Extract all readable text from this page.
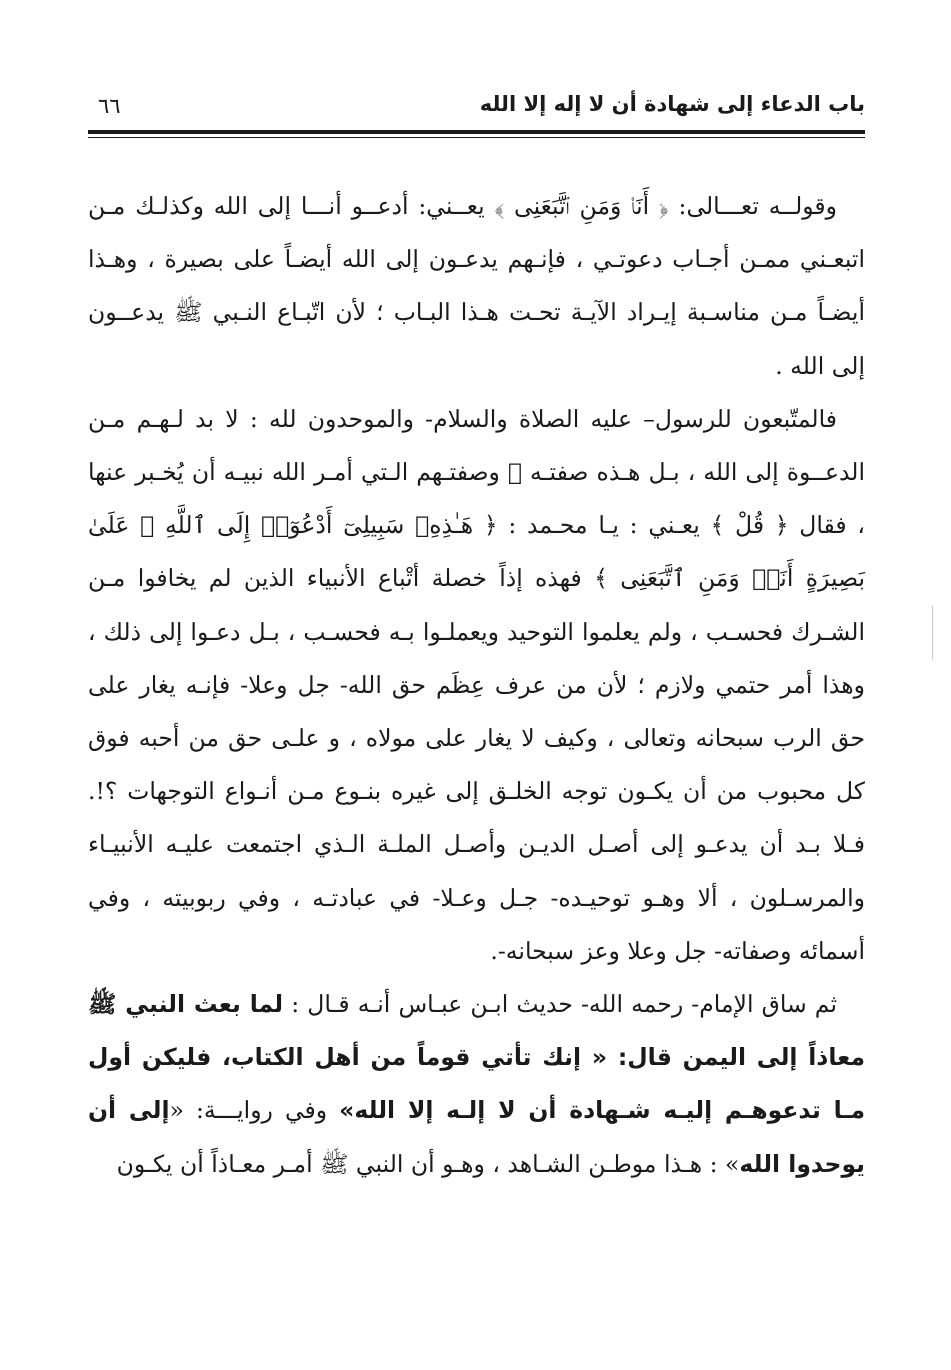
باب الدعاء إلى شهادة أن لا إله إلا الله
٦٦

وقولــه تعـــالى: ﴿ أَنَا۠ وَمَنِ ٱتَّبَعَنِى ﴾ يعــني: أدعــو أنـــا إلى الله وكذلـك مـن اتبعـني ممـن أجـاب دعوتـي ، فإنـهم يدعـون إلى الله أيضـاً على بصيرة ، وهـذا أيضـاً مـن مناسـبة إيـراد الآيـة تحـت هـذا البـاب ؛ لأن اتّبـاع النـبي ﷺ يدعــون إلى الله .

فالمتّبعون للرسول– عليه الصلاة والسلام- والموحدون لله : لا بد لـهـم مـن الدعــوة إلى الله ، بـل هـذه صفتـه ﷺ وصفتـهم الـتي أمـر الله نبيـه أن يُخـبر عنها ، فقال ﴿ قُلْ ﴾ يعـني : يـا محـمد : ﴿ هَـٰذِهِۦ سَبِيلِىٓ أَدْعُوٓا۟ إِلَى ٱللَّهِ ۚ عَلَىٰ بَصِيرَةٍ أَنَا۠ وَمَنِ ٱتَّبَعَنِى ﴾ فهذه إذاً خصلة أتْباع الأنبياء الذين لم يخافوا مـن الشـرك فحسـب ، ولم يعلموا التوحيد ويعملـوا بـه فحسـب ، بـل دعـوا إلى ذلك ، وهذا أمر حتمي ولازم ؛ لأن من عرف عِظَم حق الله- جل وعلا- فإنـه يغار على حق الرب سبحانه وتعالى ، وكيف لا يغار على مولاه ، و علـى حق من أحبه فوق كل محبوب من أن يكـون توجه الخلـق إلى غيره بنـوع مـن أنـواع التوجهات ؟!. فـلا بـد أن يدعـو إلى أصـل الديـن وأصـل الملـة الـذي اجتمعت عليـه الأنبيـاء والمرسـلون ، ألا وهـو توحيـده- جـل وعـلا- في عبادتـه ، وفي ربوبيته ، وفي أسمائه وصفاته- جل وعلا وعز سبحانه-.

ثم ساق الإمام- رحمه الله- حديث ابـن عبـاس أنـه قـال : لما بعث النبي ﷺ معاذاً إلى اليمن قال: « إنك تأتي قوماً من أهل الكتاب، فليكن أول مـا تدعوهـم إليـه شـهادة أن لا إلـه إلا الله» وفي روايـــة: «إلى أن يوحدوا الله» : هـذا موطـن الشـاهد ، وهـو أن النبي ﷺ أمـر معـاذاً أن يكـون
